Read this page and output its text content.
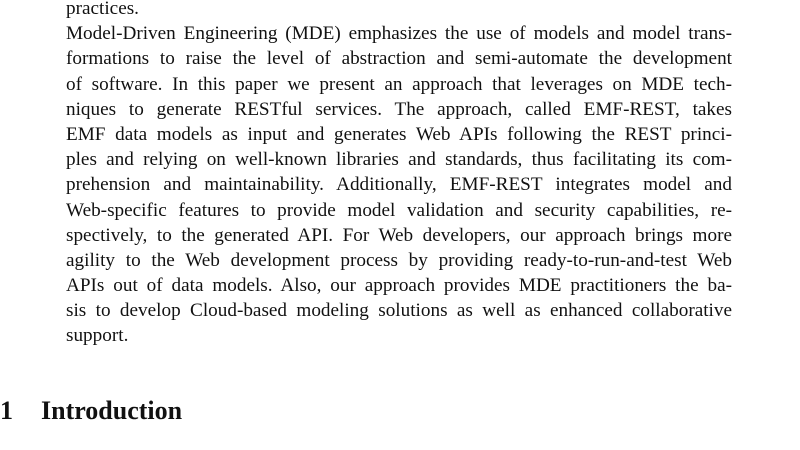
practices.
Model-Driven Engineering (MDE) emphasizes the use of models and model trans-
formations to raise the level of abstraction and semi-automate the development
of software. In this paper we present an approach that leverages on MDE tech-
niques to generate RESTful services. The approach, called EMF-REST, takes
EMF data models as input and generates Web APIs following the REST princi-
ples and relying on well-known libraries and standards, thus facilitating its com-
prehension and maintainability. Additionally, EMF-REST integrates model and
Web-specific features to provide model validation and security capabilities, re-
spectively, to the generated API. For Web developers, our approach brings more
agility to the Web development process by providing ready-to-run-and-test Web
APIs out of data models. Also, our approach provides MDE practitioners the ba-
sis to develop Cloud-based modeling solutions as well as enhanced collaborative
support.
1 Introduction
